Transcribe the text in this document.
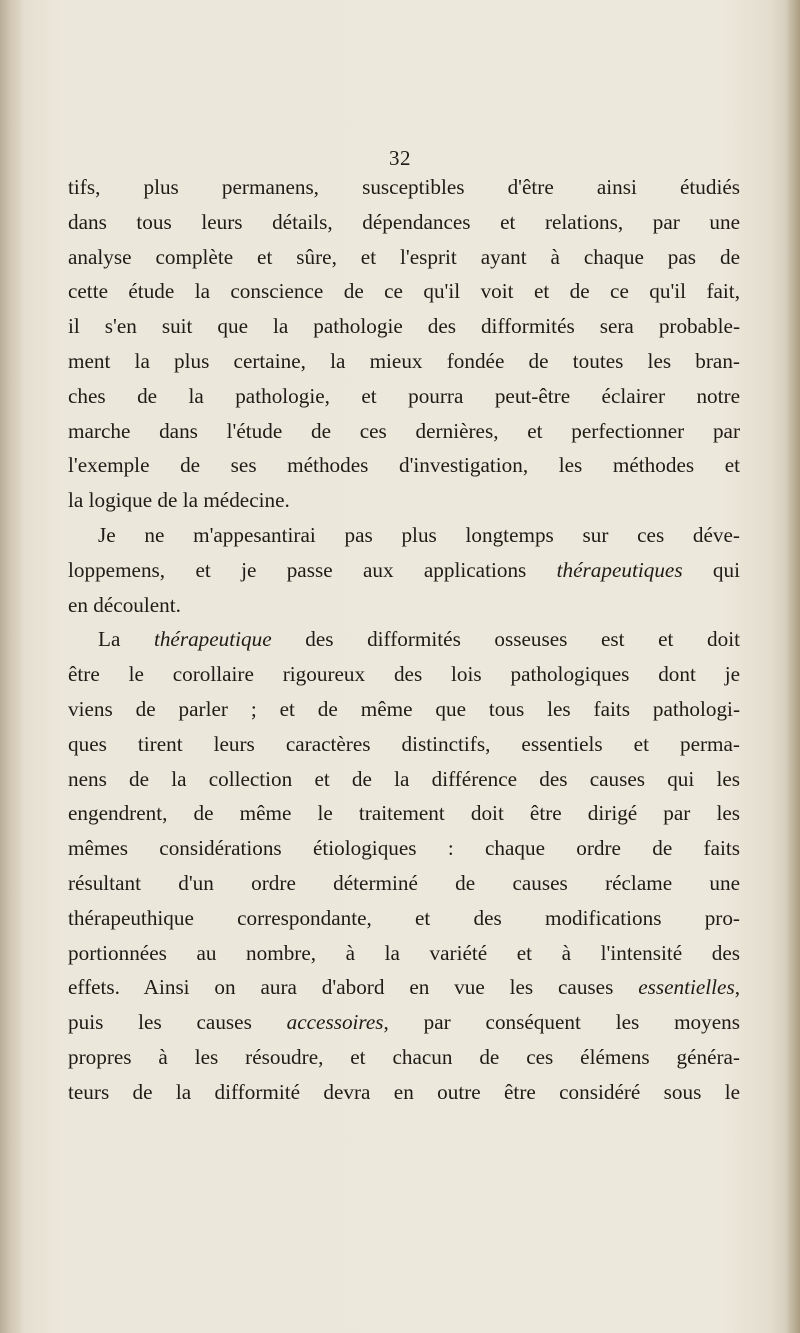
32
tifs, plus permanens, susceptibles d'être ainsi étudiés
dans tous leurs détails, dépendances et relations, par une
analyse complète et sûre, et l'esprit ayant à chaque pas de
cette étude la conscience de ce qu'il voit et de ce qu'il fait,
il s'en suit que la pathologie des difformités sera probable-
ment la plus certaine, la mieux fondée de toutes les bran-
ches de la pathologie, et pourra peut-être éclairer notre
marche dans l'étude de ces dernières, et perfectionner par
l'exemple de ses méthodes d'investigation, les méthodes et
la logique de la médecine.
Je ne m'appesantirai pas plus longtemps sur ces déve-
loppemens, et je passe aux applications thérapeutiques qui
en découlent.
La thérapeutique des difformités osseuses est et doit
être le corollaire rigoureux des lois pathologiques dont je
viens de parler ; et de même que tous les faits pathologi-
ques tirent leurs caractères distinctifs, essentiels et perma-
nens de la collection et de la différence des causes qui les
engendrent, de même le traitement doit être dirigé par les
mêmes considérations étiologiques : chaque ordre de faits
résultant d'un ordre déterminé de causes réclame une
thérapeuthique correspondante, et des modifications pro-
portionnées au nombre, à la variété et à l'intensité des
effets. Ainsi on aura d'abord en vue les causes essentielles,
puis les causes accessoires, par conséquent les moyens
propres à les résoudre, et chacun de ces élémens généra-
teurs de la difformité devra en outre être considéré sous le
